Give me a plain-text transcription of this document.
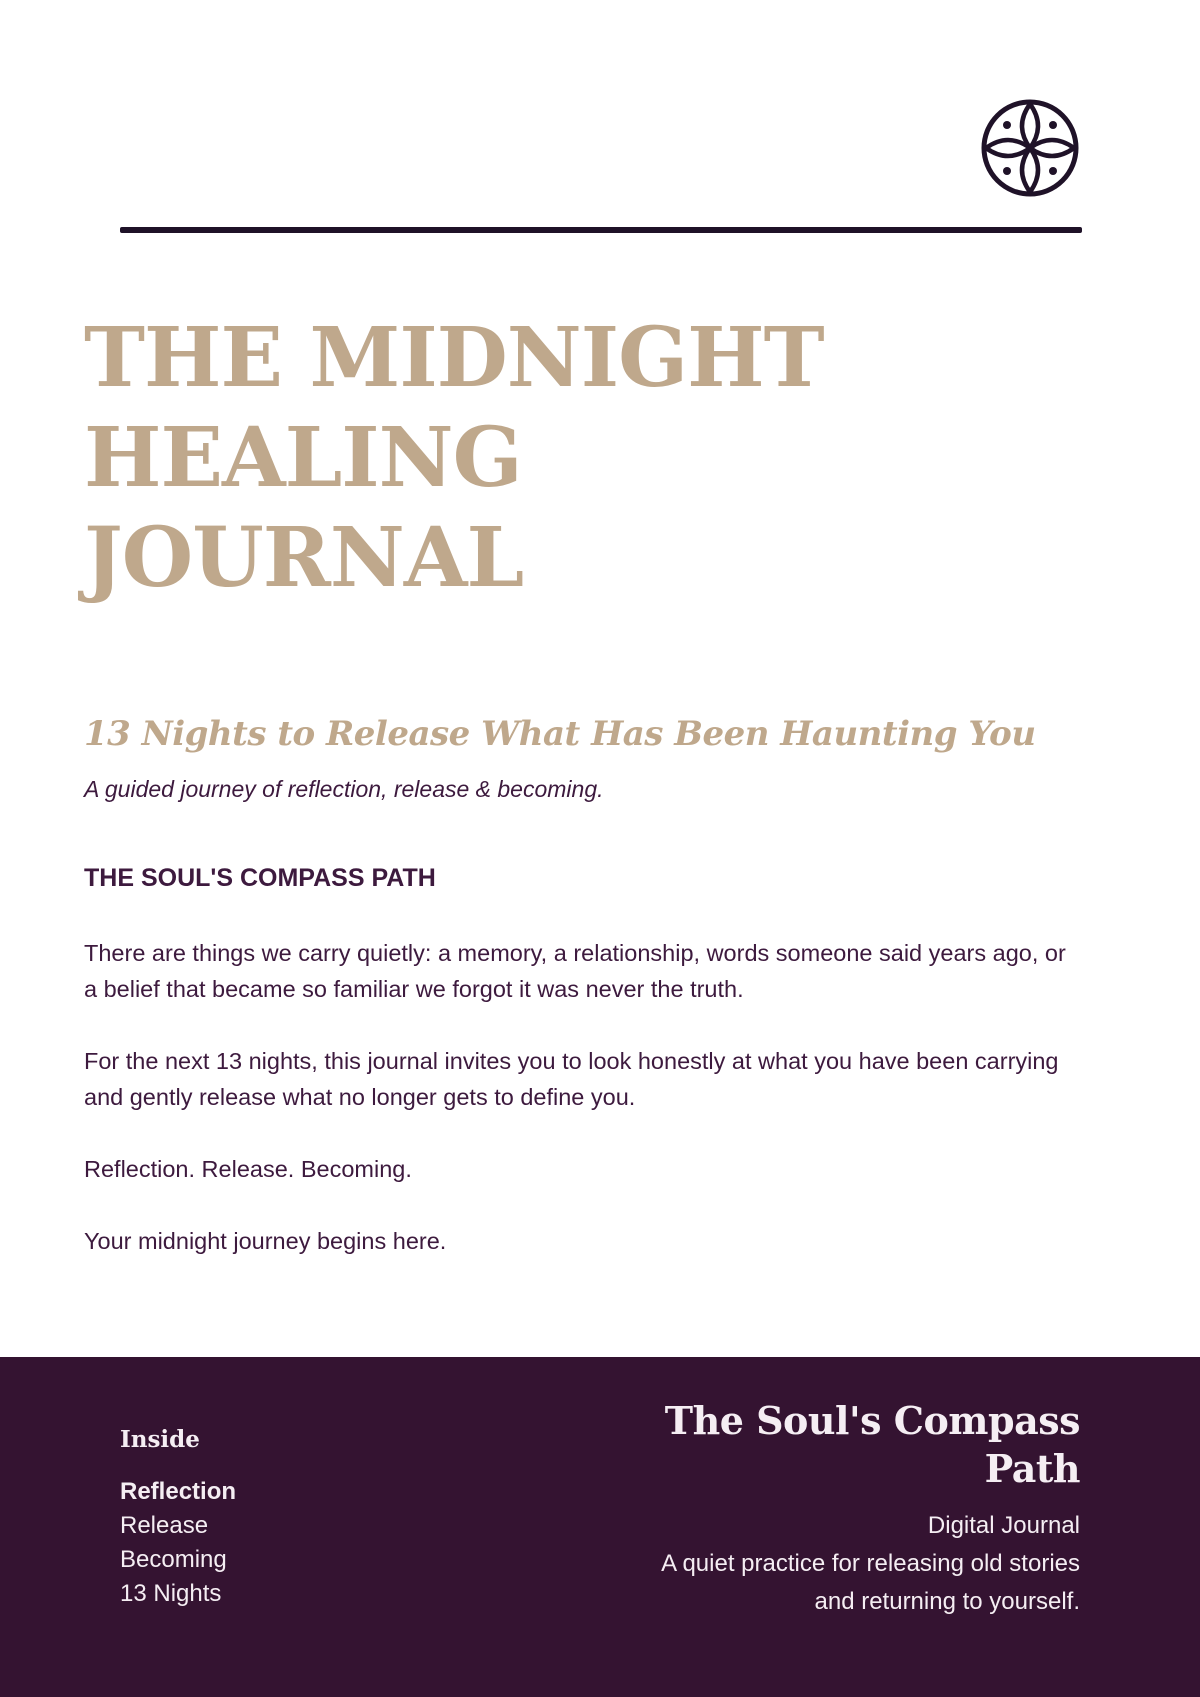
THE MIDNIGHT
HEALING
JOURNAL
13 Nights to Release What Has Been Haunting You

A guided journey of reflection, release & becoming.

THE SOUL'S COMPASS PATH

There are things we carry quietly: a memory, a relationship, words someone said years ago, or a belief that became so familiar we forgot it was never the truth.

For the next 13 nights, this journal invites you to look honestly at what you have been carrying and gently release what no longer gets to define you.

Reflection. Release. Becoming.

Your midnight journey begins here.

Inside
Reflection
Release
Becoming
13 Nights
The Soul's Compass Path
Digital Journal
A quiet practice for releasing old stories
and returning to yourself.
